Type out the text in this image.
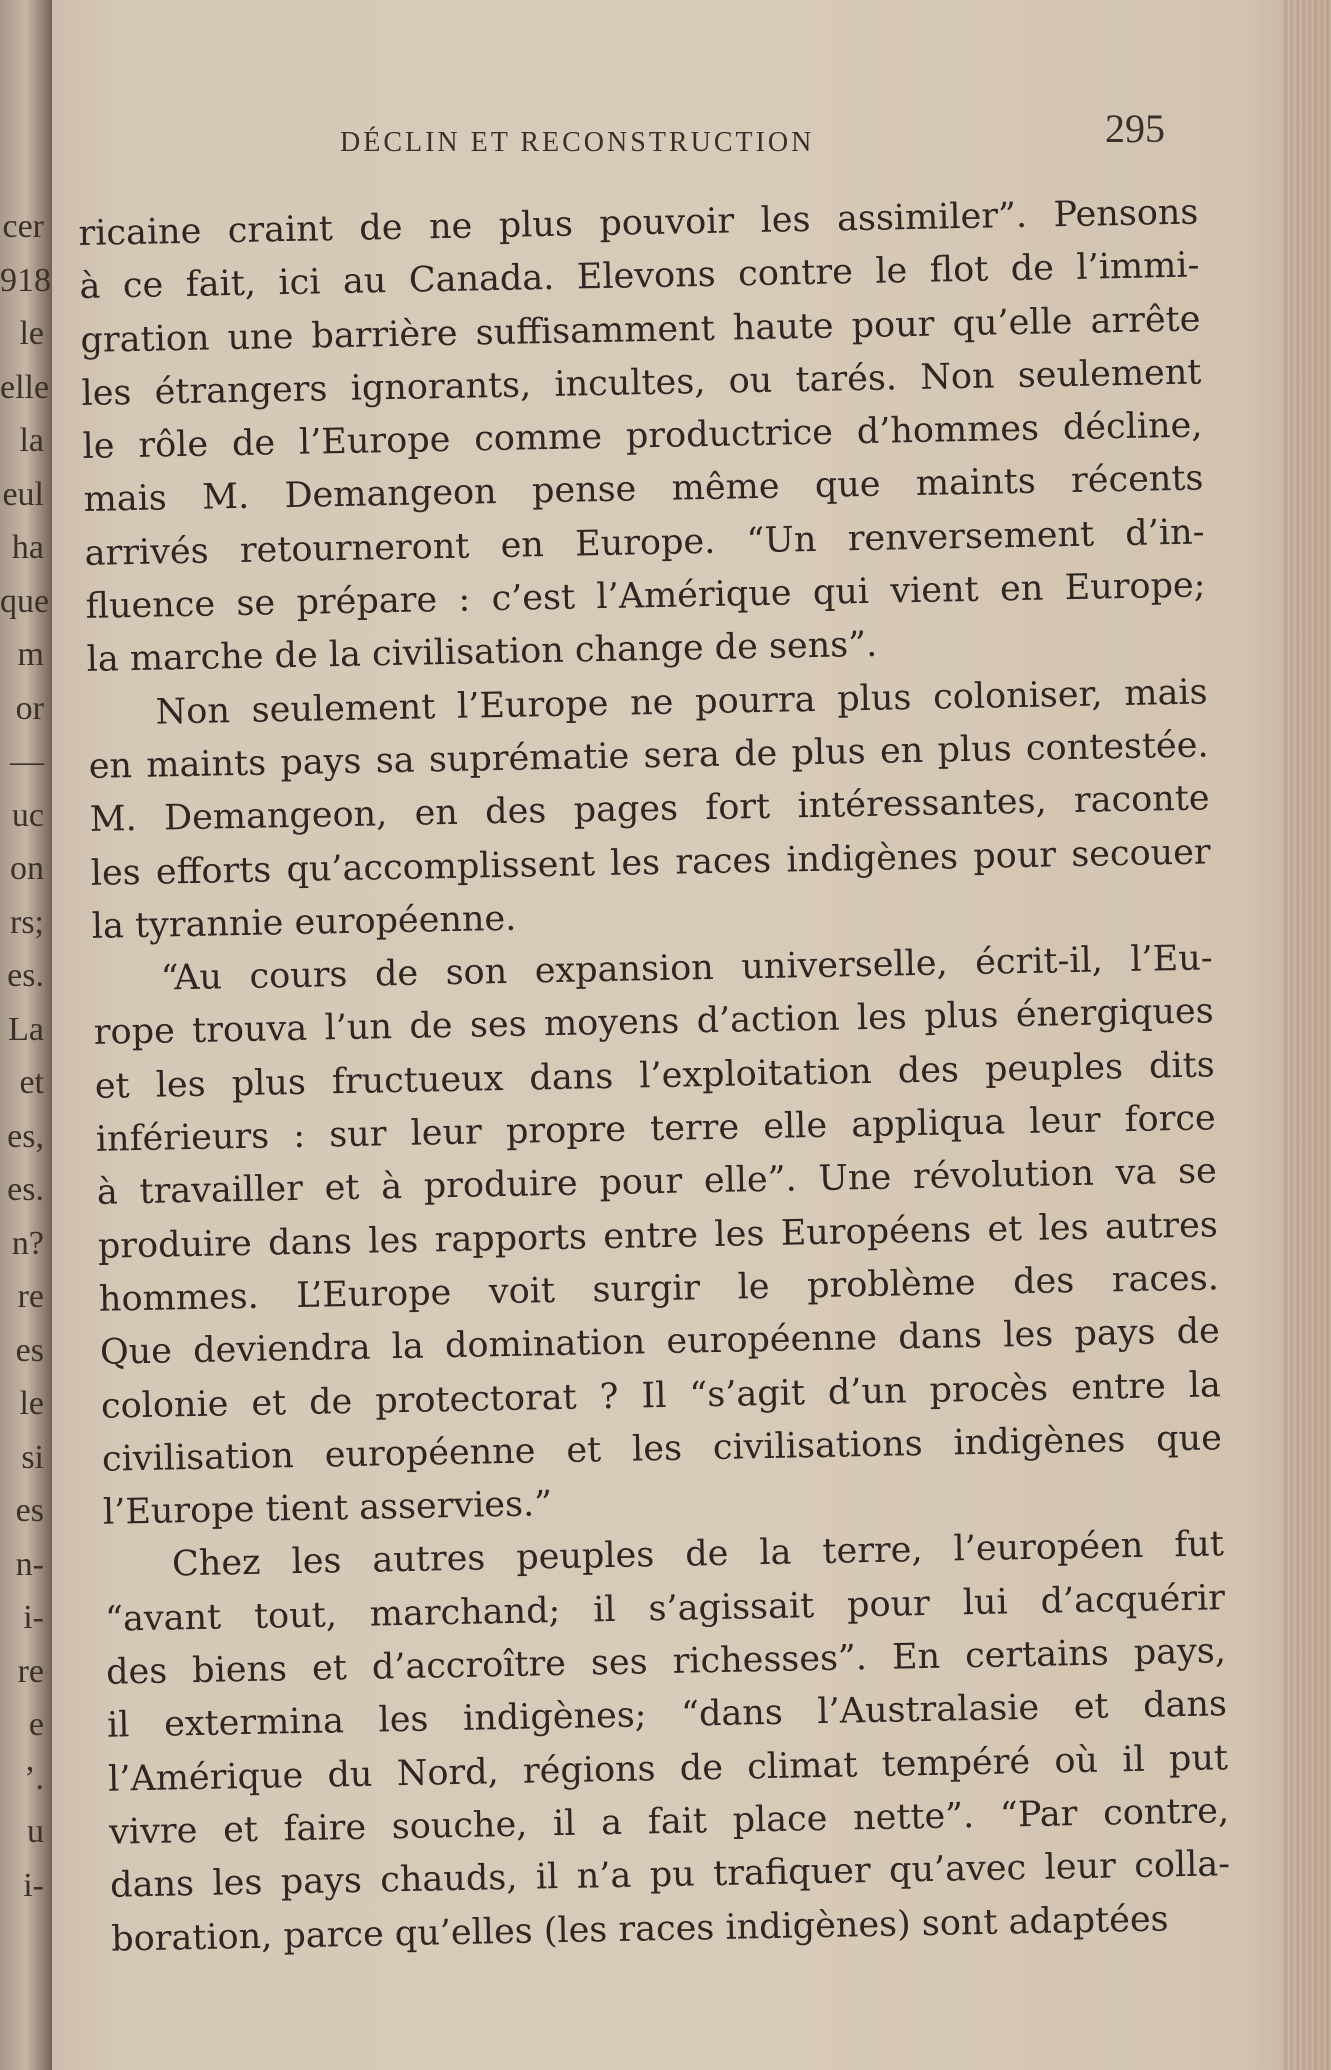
cer
918
le
elle
la
eul
ha
que
m
or
—
uc
on
rs;
es.
La
et
es,
es.
n?
re
es
le
si
es
n-
i-
re
e
’.
u
i-
DÉCLIN ET RECONSTRUCTION	295
ricaine craint de ne plus pouvoir les assimiler”. Pensons
à ce fait, ici au Canada. Elevons contre le flot de l’immi-
gration une barrière suffisamment haute pour qu’elle arrête
les étrangers ignorants, incultes, ou tarés. Non seulement
le rôle de l’Europe comme productrice d’hommes décline,
mais M. Demangeon pense même que maints récents
arrivés retourneront en Europe. “Un renversement d’in-
fluence se prépare : c’est l’Amérique qui vient en Europe;
la marche de la civilisation change de sens”.
Non seulement l’Europe ne pourra plus coloniser, mais
en maints pays sa suprématie sera de plus en plus contestée.
M. Demangeon, en des pages fort intéressantes, raconte
les efforts qu’accomplissent les races indigènes pour secouer
la tyrannie européenne.
“Au cours de son expansion universelle, écrit-il, l’Eu-
rope trouva l’un de ses moyens d’action les plus énergiques
et les plus fructueux dans l’exploitation des peuples dits
inférieurs : sur leur propre terre elle appliqua leur force
à travailler et à produire pour elle”. Une révolution va se
produire dans les rapports entre les Européens et les autres
hommes. L’Europe voit surgir le problème des races.
Que deviendra la domination européenne dans les pays de
colonie et de protectorat ? Il “s’agit d’un procès entre la
civilisation européenne et les civilisations indigènes que
l’Europe tient asservies.”
Chez les autres peuples de la terre, l’européen fut
“avant tout, marchand; il s’agissait pour lui d’acquérir
des biens et d’accroître ses richesses”. En certains pays,
il extermina les indigènes; “dans l’Australasie et dans
l’Amérique du Nord, régions de climat tempéré où il put
vivre et faire souche, il a fait place nette”. “Par contre,
dans les pays chauds, il n’a pu trafiquer qu’avec leur colla-
boration, parce qu’elles (les races indigènes) sont adaptées
